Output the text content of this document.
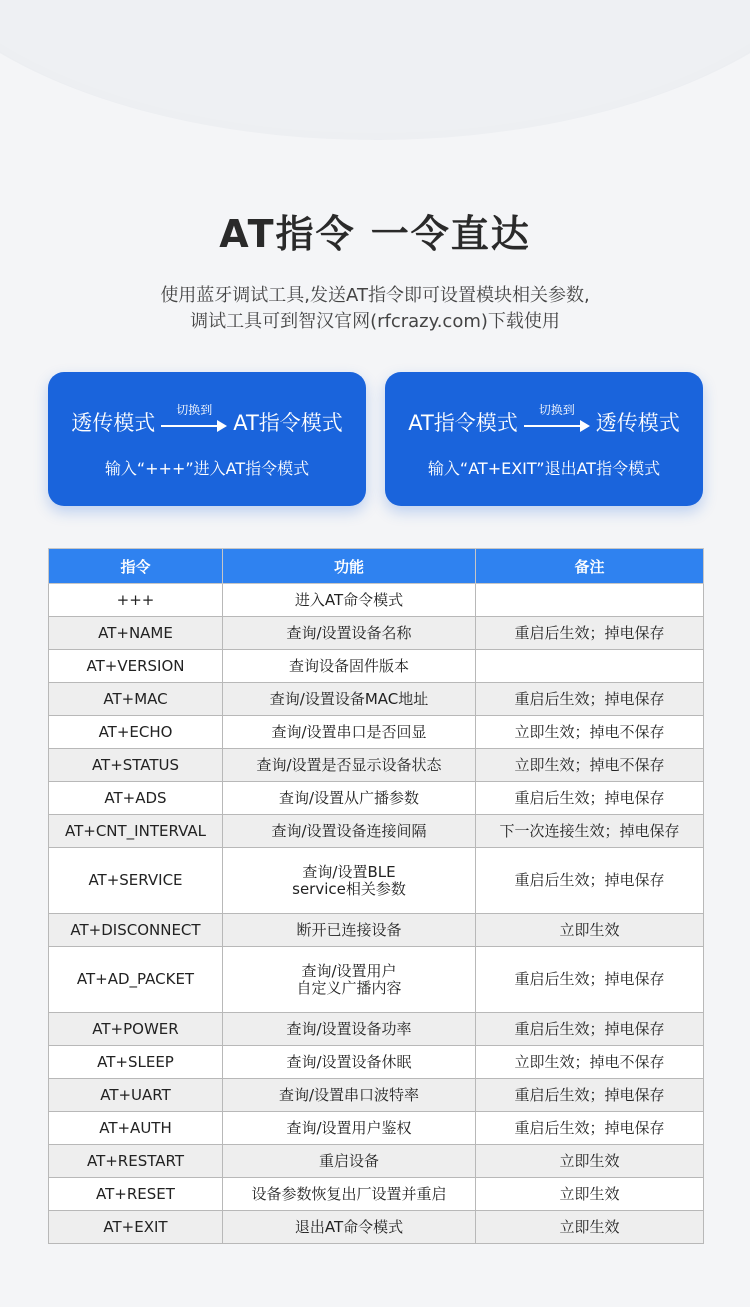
AT指令 一令直达
使用蓝牙调试工具,发送AT指令即可设置模块相关参数,
调试工具可到智汉官网(rfcrazy.com)下载使用
透传模式
切换到
AT指令模式
输入“+++”进入AT指令模式
AT指令模式
切换到
透传模式
输入“AT+EXIT”退出AT指令模式
指令	功能	备注
+++	进入AT命令模式	
AT+NAME	查询/设置设备名称	重启后生效；掉电保存
AT+VERSION	查询设备固件版本	
AT+MAC	查询/设置设备MAC地址	重启后生效；掉电保存
AT+ECHO	查询/设置串口是否回显	立即生效；掉电不保存
AT+STATUS	查询/设置是否显示设备状态	立即生效；掉电不保存
AT+ADS	查询/设置从广播参数	重启后生效；掉电保存
AT+CNT_INTERVAL	查询/设置设备连接间隔	下一次连接生效；掉电保存
AT+SERVICE	查询/设置BLE
service相关参数	重启后生效；掉电保存
AT+DISCONNECT	断开已连接设备	立即生效
AT+AD_PACKET	查询/设置用户
自定义广播内容	重启后生效；掉电保存
AT+POWER	查询/设置设备功率	重启后生效；掉电保存
AT+SLEEP	查询/设置设备休眠	立即生效；掉电不保存
AT+UART	查询/设置串口波特率	重启后生效；掉电保存
AT+AUTH	查询/设置用户鉴权	重启后生效；掉电保存
AT+RESTART	重启设备	立即生效
AT+RESET	设备参数恢复出厂设置并重启	立即生效
AT+EXIT	退出AT命令模式	立即生效
